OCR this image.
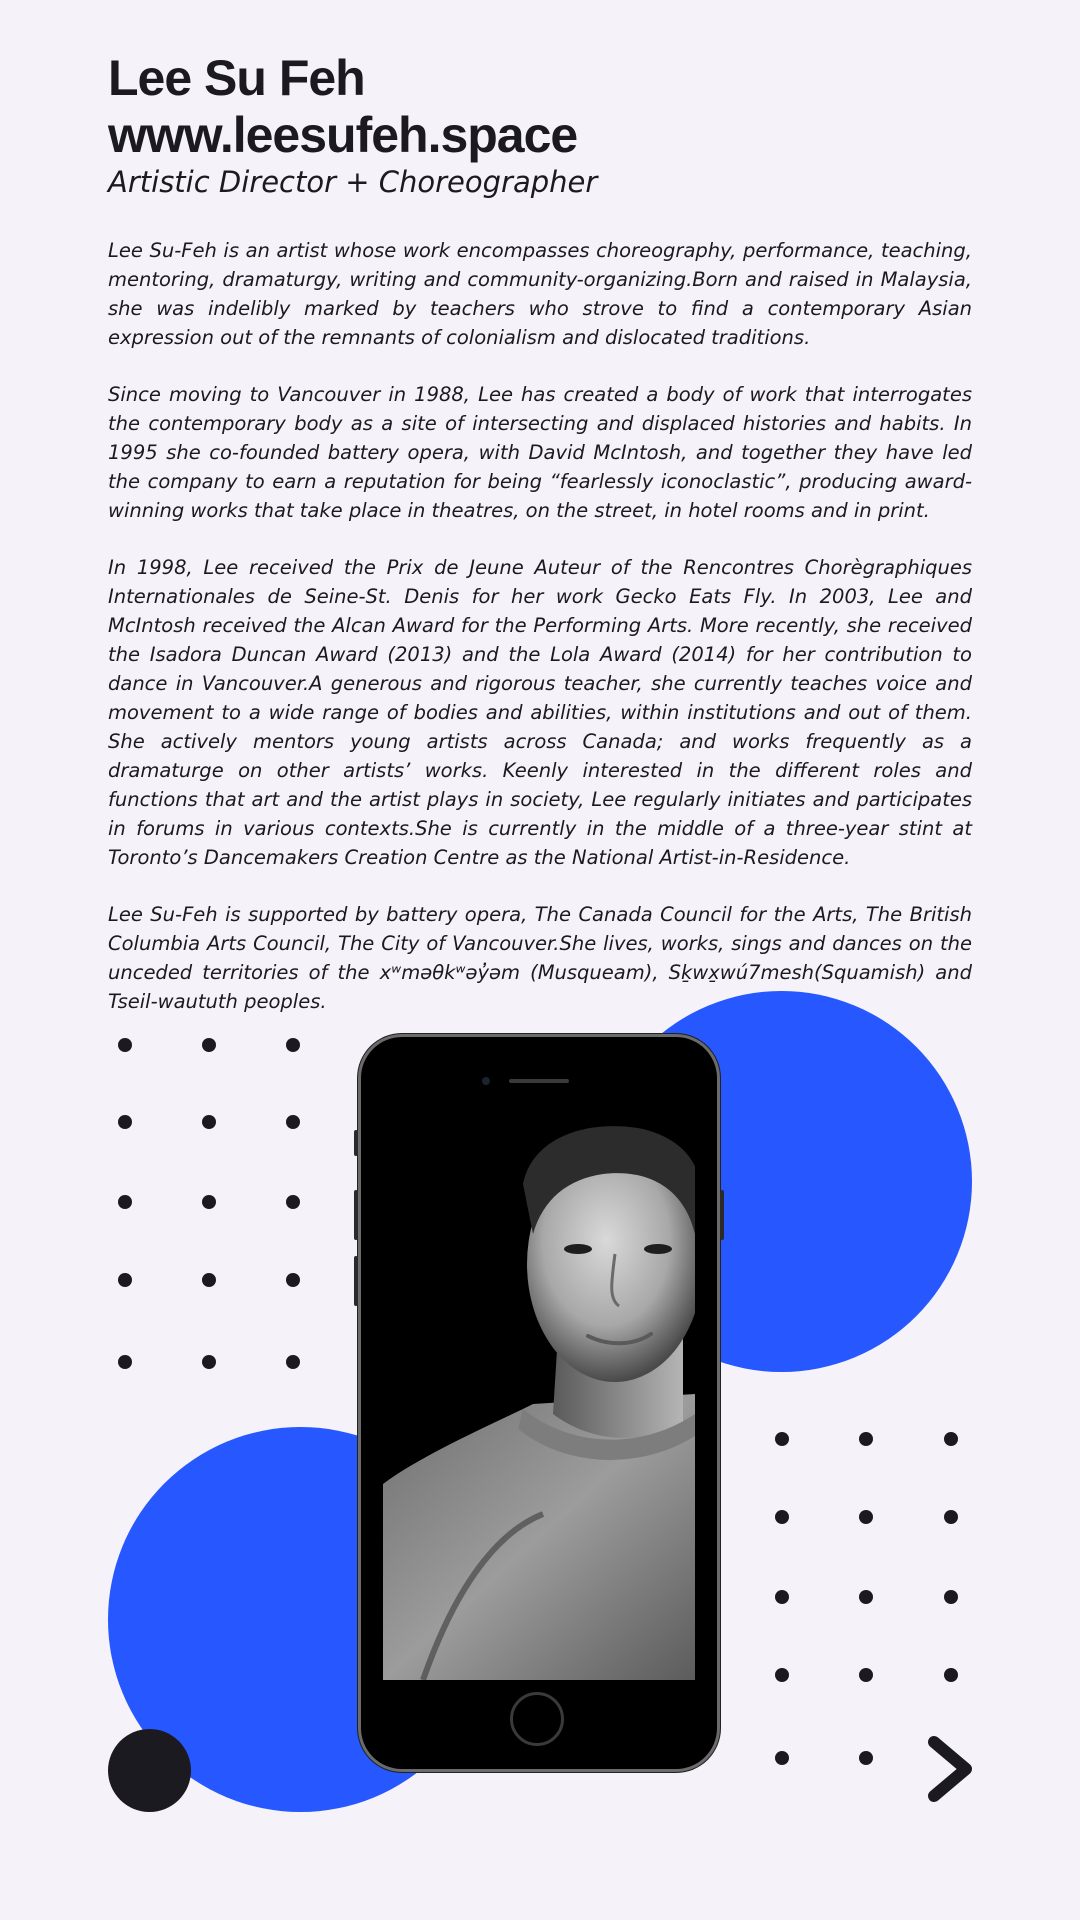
Lee Su Feh
www.leesufeh.space
Artistic Director + Choreographer

Lee Su-Feh is an artist whose work encompasses choreography, performance, teaching, mentoring, dramaturgy, writing and community-organizing.Born and raised in Malaysia, she was indelibly marked by teachers who strove to find a contemporary Asian expression out of the remnants of colonialism and dislocated traditions.

Since moving to Vancouver in 1988, Lee has created a body of work that interrogates the contemporary body as a site of intersecting and displaced histories and habits. In 1995 she co-founded battery opera, with David McIntosh, and together they have led the company to earn a reputation for being “fearlessly iconoclastic”, producing award-winning works that take place in theatres, on the street, in hotel rooms and in print.

In 1998, Lee received the Prix de Jeune Auteur of the Rencontres Chorègraphiques Internationales de Seine-St. Denis for her work Gecko Eats Fly. In 2003, Lee and McIntosh received the Alcan Award for the Performing Arts. More recently, she received the Isadora Duncan Award (2013) and the Lola Award (2014) for her contribution to dance in Vancouver.A generous and rigorous teacher, she currently teaches voice and movement to a wide range of bodies and abilities, within institutions and out of them. She actively mentors young artists across Canada; and works frequently as a dramaturge on other artists’ works. Keenly interested in the different roles and functions that art and the artist plays in society, Lee regularly initiates and participates in forums in various contexts.She is currently in the middle of a three-year stint at Toronto’s Dancemakers Creation Centre as the National Artist-in-Residence.

Lee Su-Feh is supported by battery opera, The Canada Council for the Arts, The British Columbia Arts Council, The City of Vancouver.She lives, works, sings and dances on the unceded territories of the xʷməθkʷəy̓əm (Musqueam), Sḵwx̱wú7mesh(Squamish) and Tseil-waututh peoples.
